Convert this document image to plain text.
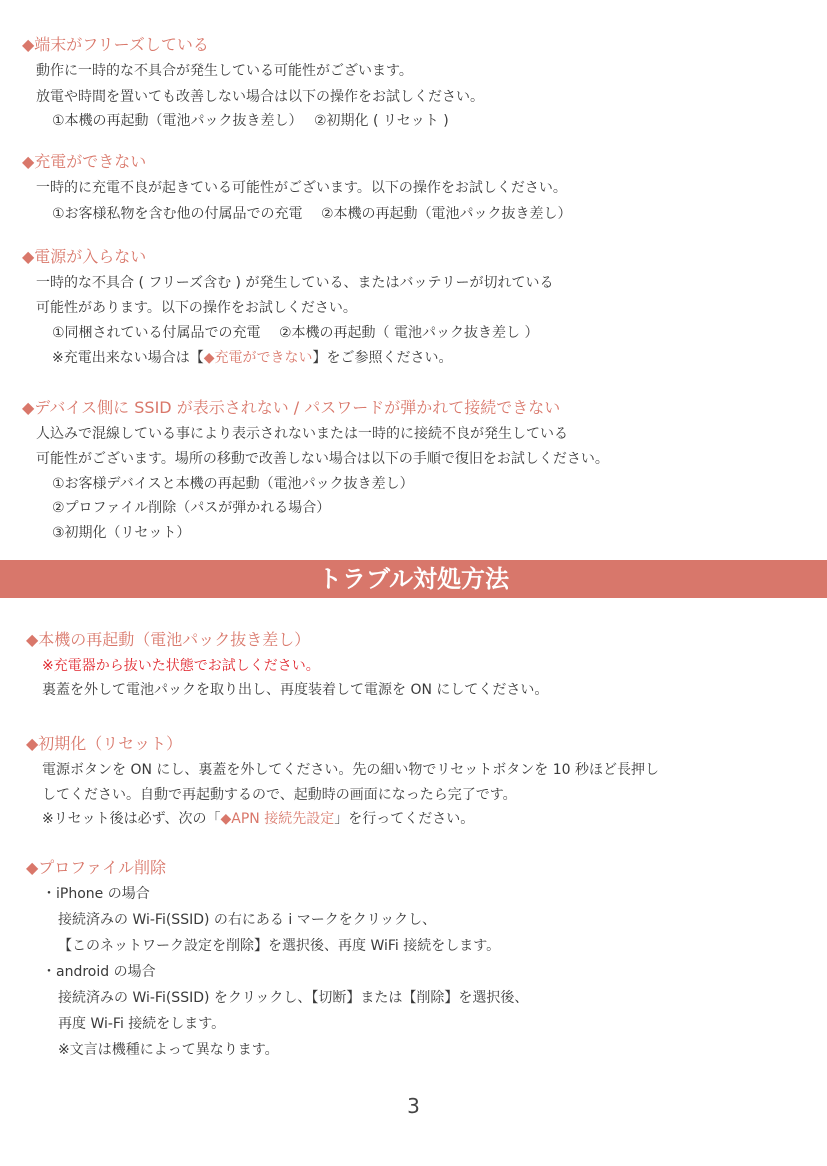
◆端末がフリーズしている
動作に一時的な不具合が発生している可能性がございます。
放電や時間を置いても改善しない場合は以下の操作をお試しください。
①本機の再起動（電池パック抜き差し）　 ②初期化 ( リセット )
◆充電ができない
一時的に充電不良が起きている可能性がございます。以下の操作をお試しください。
①お客様私物を含む他の付属品での充電　 ②本機の再起動（電池パック抜き差し）
◆電源が入らない
一時的な不具合 ( フリーズ含む ) が発生している、またはバッテリーが切れている
可能性があります。以下の操作をお試しください。
①同梱されている付属品での充電　 ②本機の再起動（ 電池パック抜き差し ）
※充電出来ない場合は【◆充電ができない】をご参照ください。
◆デバイス側に SSID が表示されない / パスワードが弾かれて接続できない
人込みで混線している事により表示されないまたは一時的に接続不良が発生している
可能性がございます。場所の移動で改善しない場合は以下の手順で復旧をお試しください。
①お客様デバイスと本機の再起動（電池パック抜き差し）
②プロファイル削除（パスが弾かれる場合）
③初期化（リセット）
トラブル対処方法
◆本機の再起動（電池パック抜き差し）
※充電器から抜いた状態でお試しください。
裏蓋を外して電池パックを取り出し、再度装着して電源を ON にしてください。
◆初期化（リセット）
電源ボタンを ON にし、裏蓋を外してください。先の細い物でリセットボタンを 10 秒ほど長押し
してください。自動で再起動するので、起動時の画面になったら完了です。
※リセット後は必ず、次の「◆APN 接続先設定」を行ってください。
◆プロファイル削除
・iPhone の場合
接続済みの Wi-Fi(SSID) の右にある i マークをクリックし、
【このネットワーク設定を削除】を選択後、再度 WiFi 接続をします。
・android の場合
接続済みの Wi-Fi(SSID) をクリックし、【切断】または【削除】を選択後、
再度 Wi-Fi 接続をします。
※文言は機種によって異なります。
3
